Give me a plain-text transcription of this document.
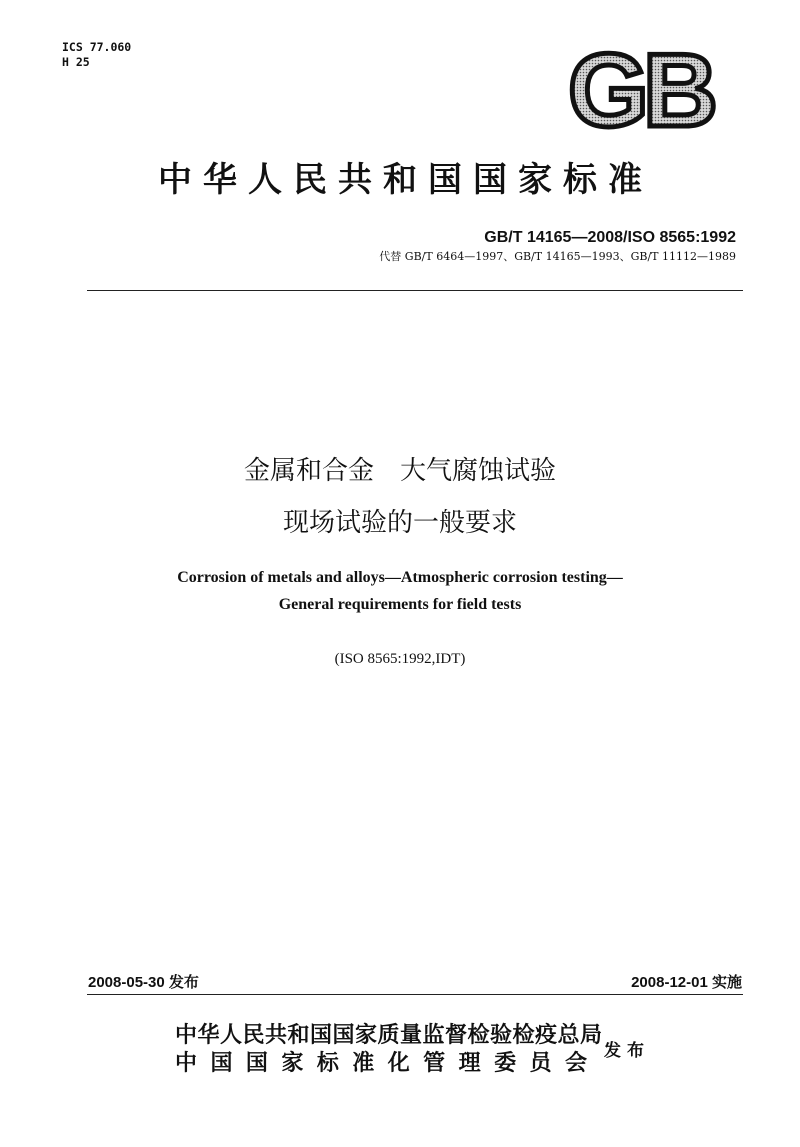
ICS 77.060
H 25	GB
中华人民共和国国家标准
GB/T 14165—2008/ISO 8565:1992
代替 GB/T 6464—1997、GB/T 14165—1993、GB/T 11112—1989
金属和合金　大气腐蚀试验
现场试验的一般要求
Corrosion of metals and alloys—Atmospheric corrosion testing—
General requirements for field tests
(ISO 8565:1992,IDT)
2008-05-30 发布	2008-12-01 实施
中华人民共和国国家质量监督检验检疫总局
中 国 国 家 标 准 化 管 理 委 员 会 发布
